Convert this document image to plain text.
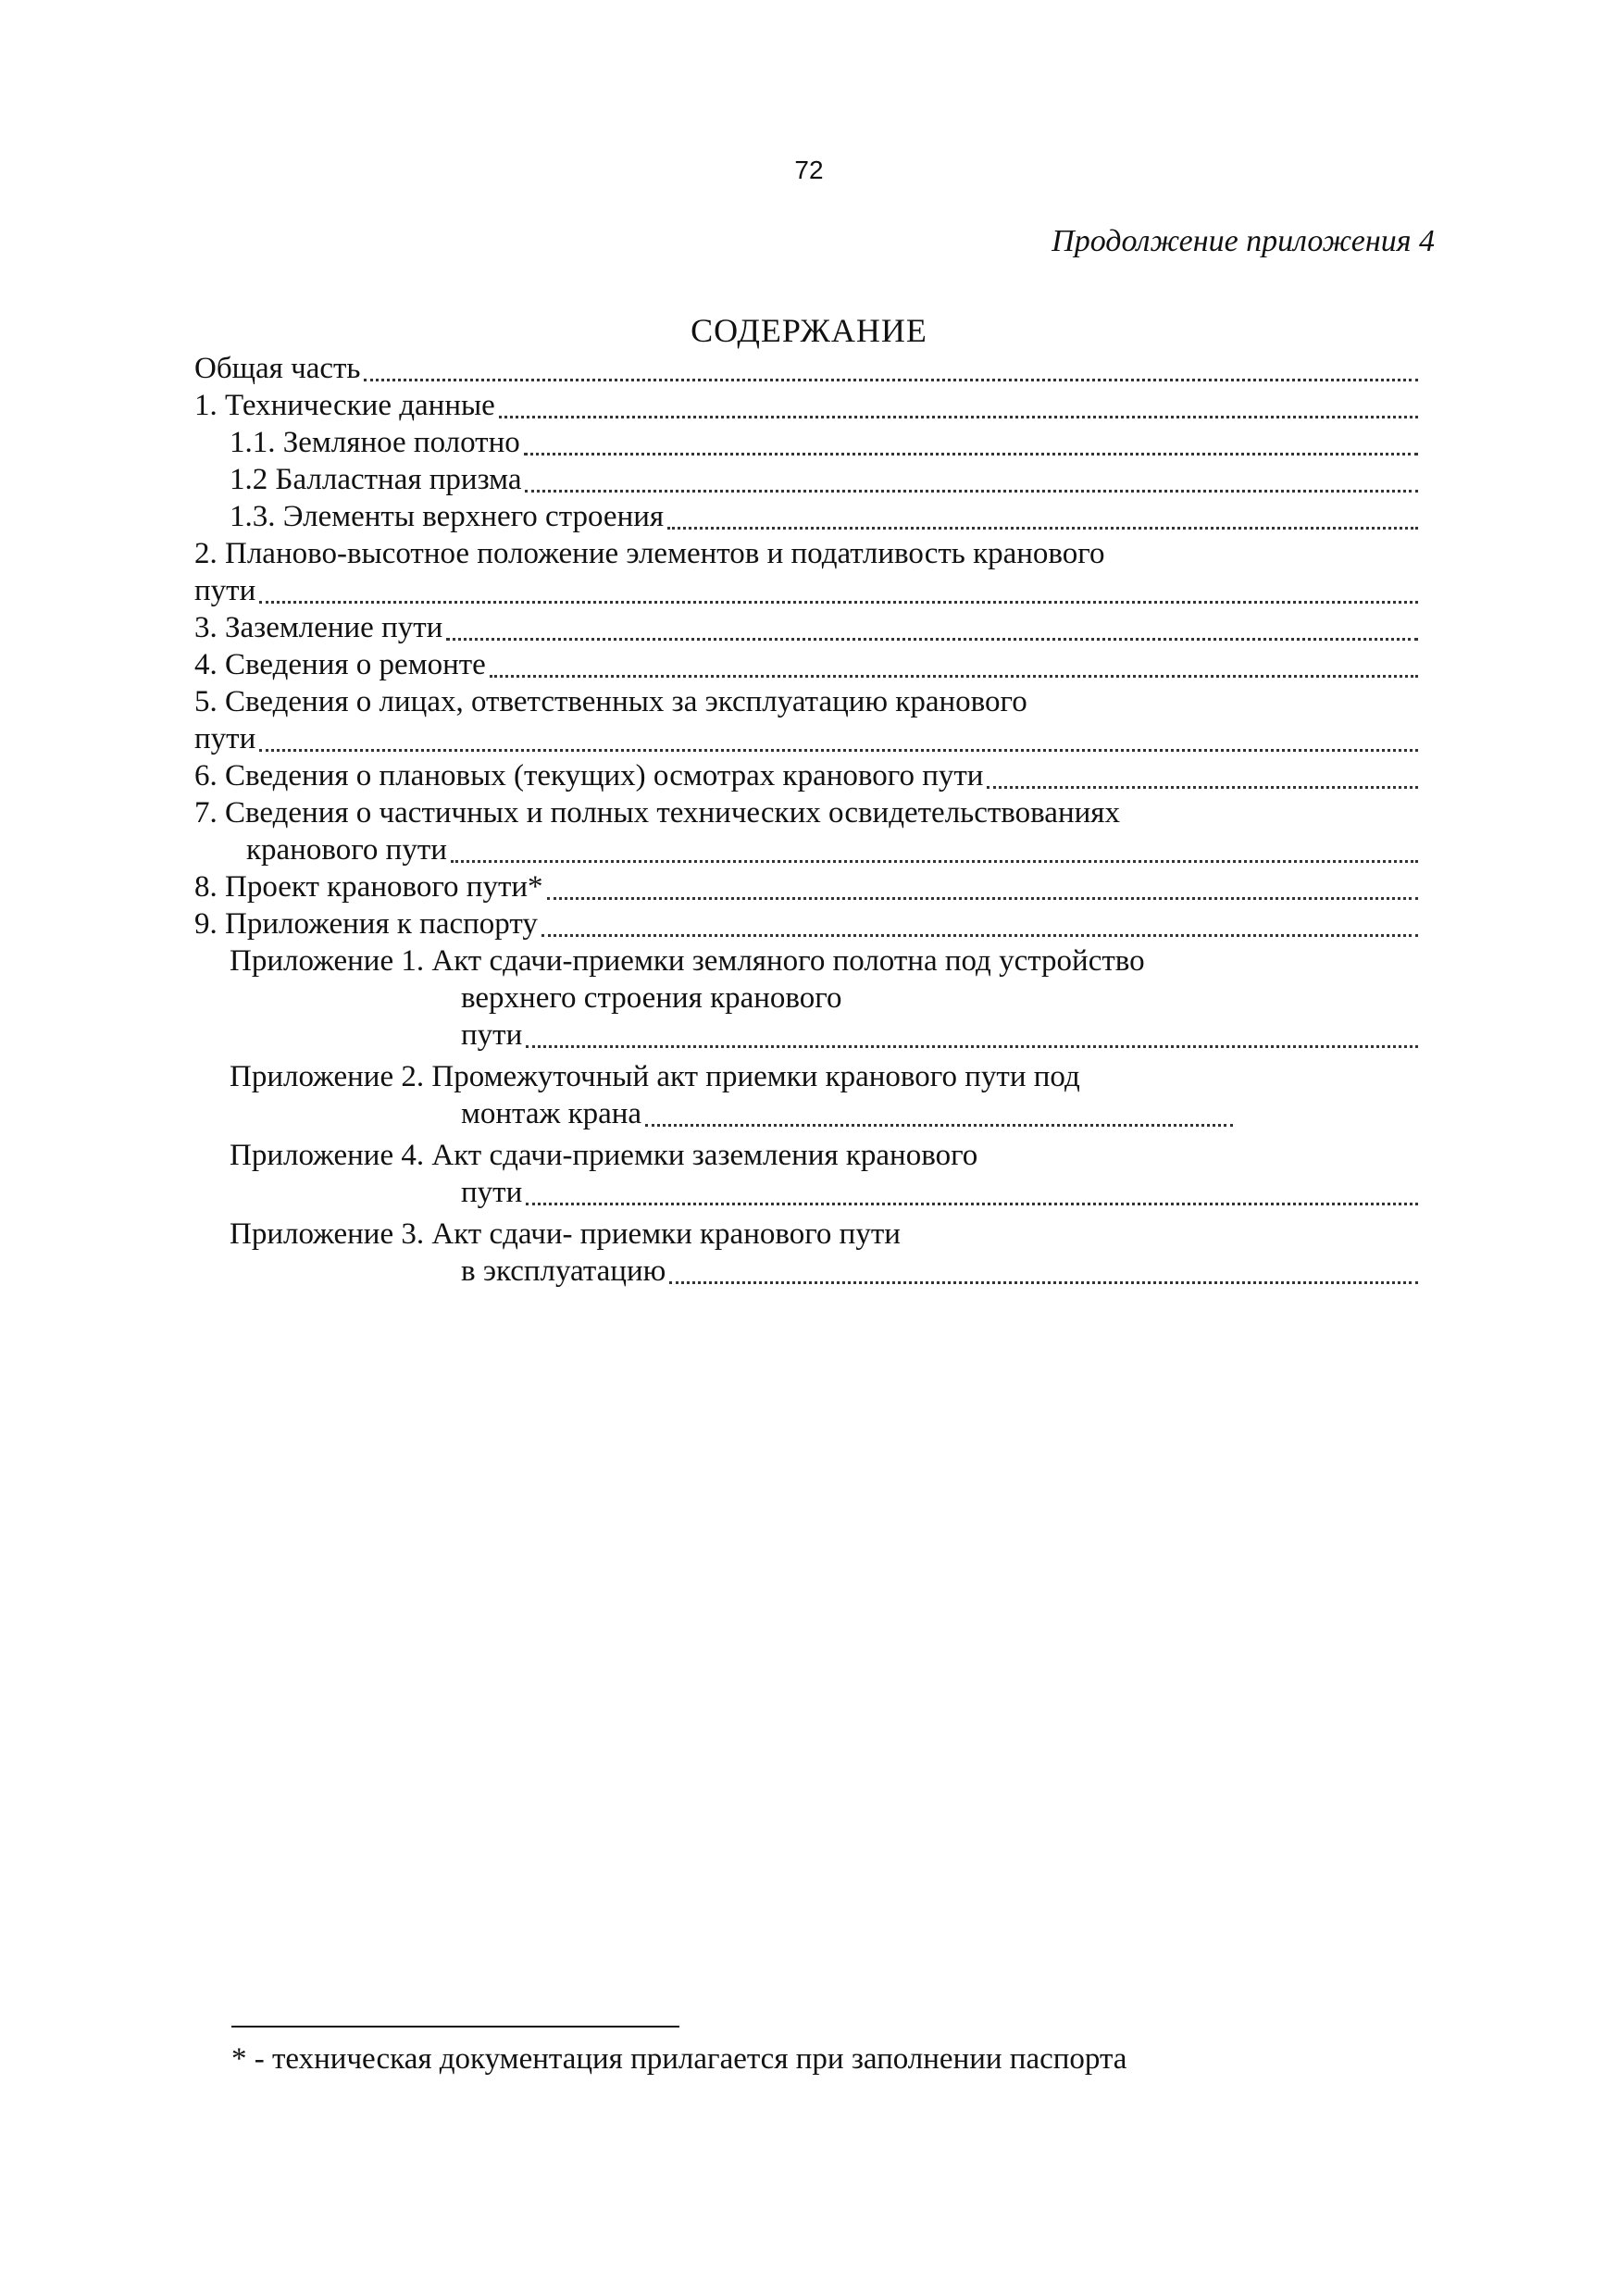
72
Продолжение приложения 4
СОДЕРЖАНИЕ
Общая часть
1. Технические данные
1.1. Земляное полотно
1.2 Балластная призма
1.3. Элементы верхнего строения
2. Планово-высотное положение элементов и податливость кранового
пути
3. Заземление пути
4. Сведения о ремонте
5. Сведения о лицах, ответственных за эксплуатацию кранового
пути
6. Сведения о плановых (текущих) осмотрах кранового пути
7. Сведения о частичных и полных технических освидетельствованиях
кранового пути
8. Проект кранового пути*
9. Приложения к паспорту
Приложение 1. Акт сдачи-приемки земляного полотна под устройство
верхнего строения кранового
пути
Приложение 2. Промежуточный акт приемки кранового пути под
монтаж крана
Приложение 4. Акт сдачи-приемки заземления кранового
пути
Приложение 3. Акт сдачи- приемки кранового пути
в эксплуатацию
* - техническая документация прилагается при заполнении паспорта
